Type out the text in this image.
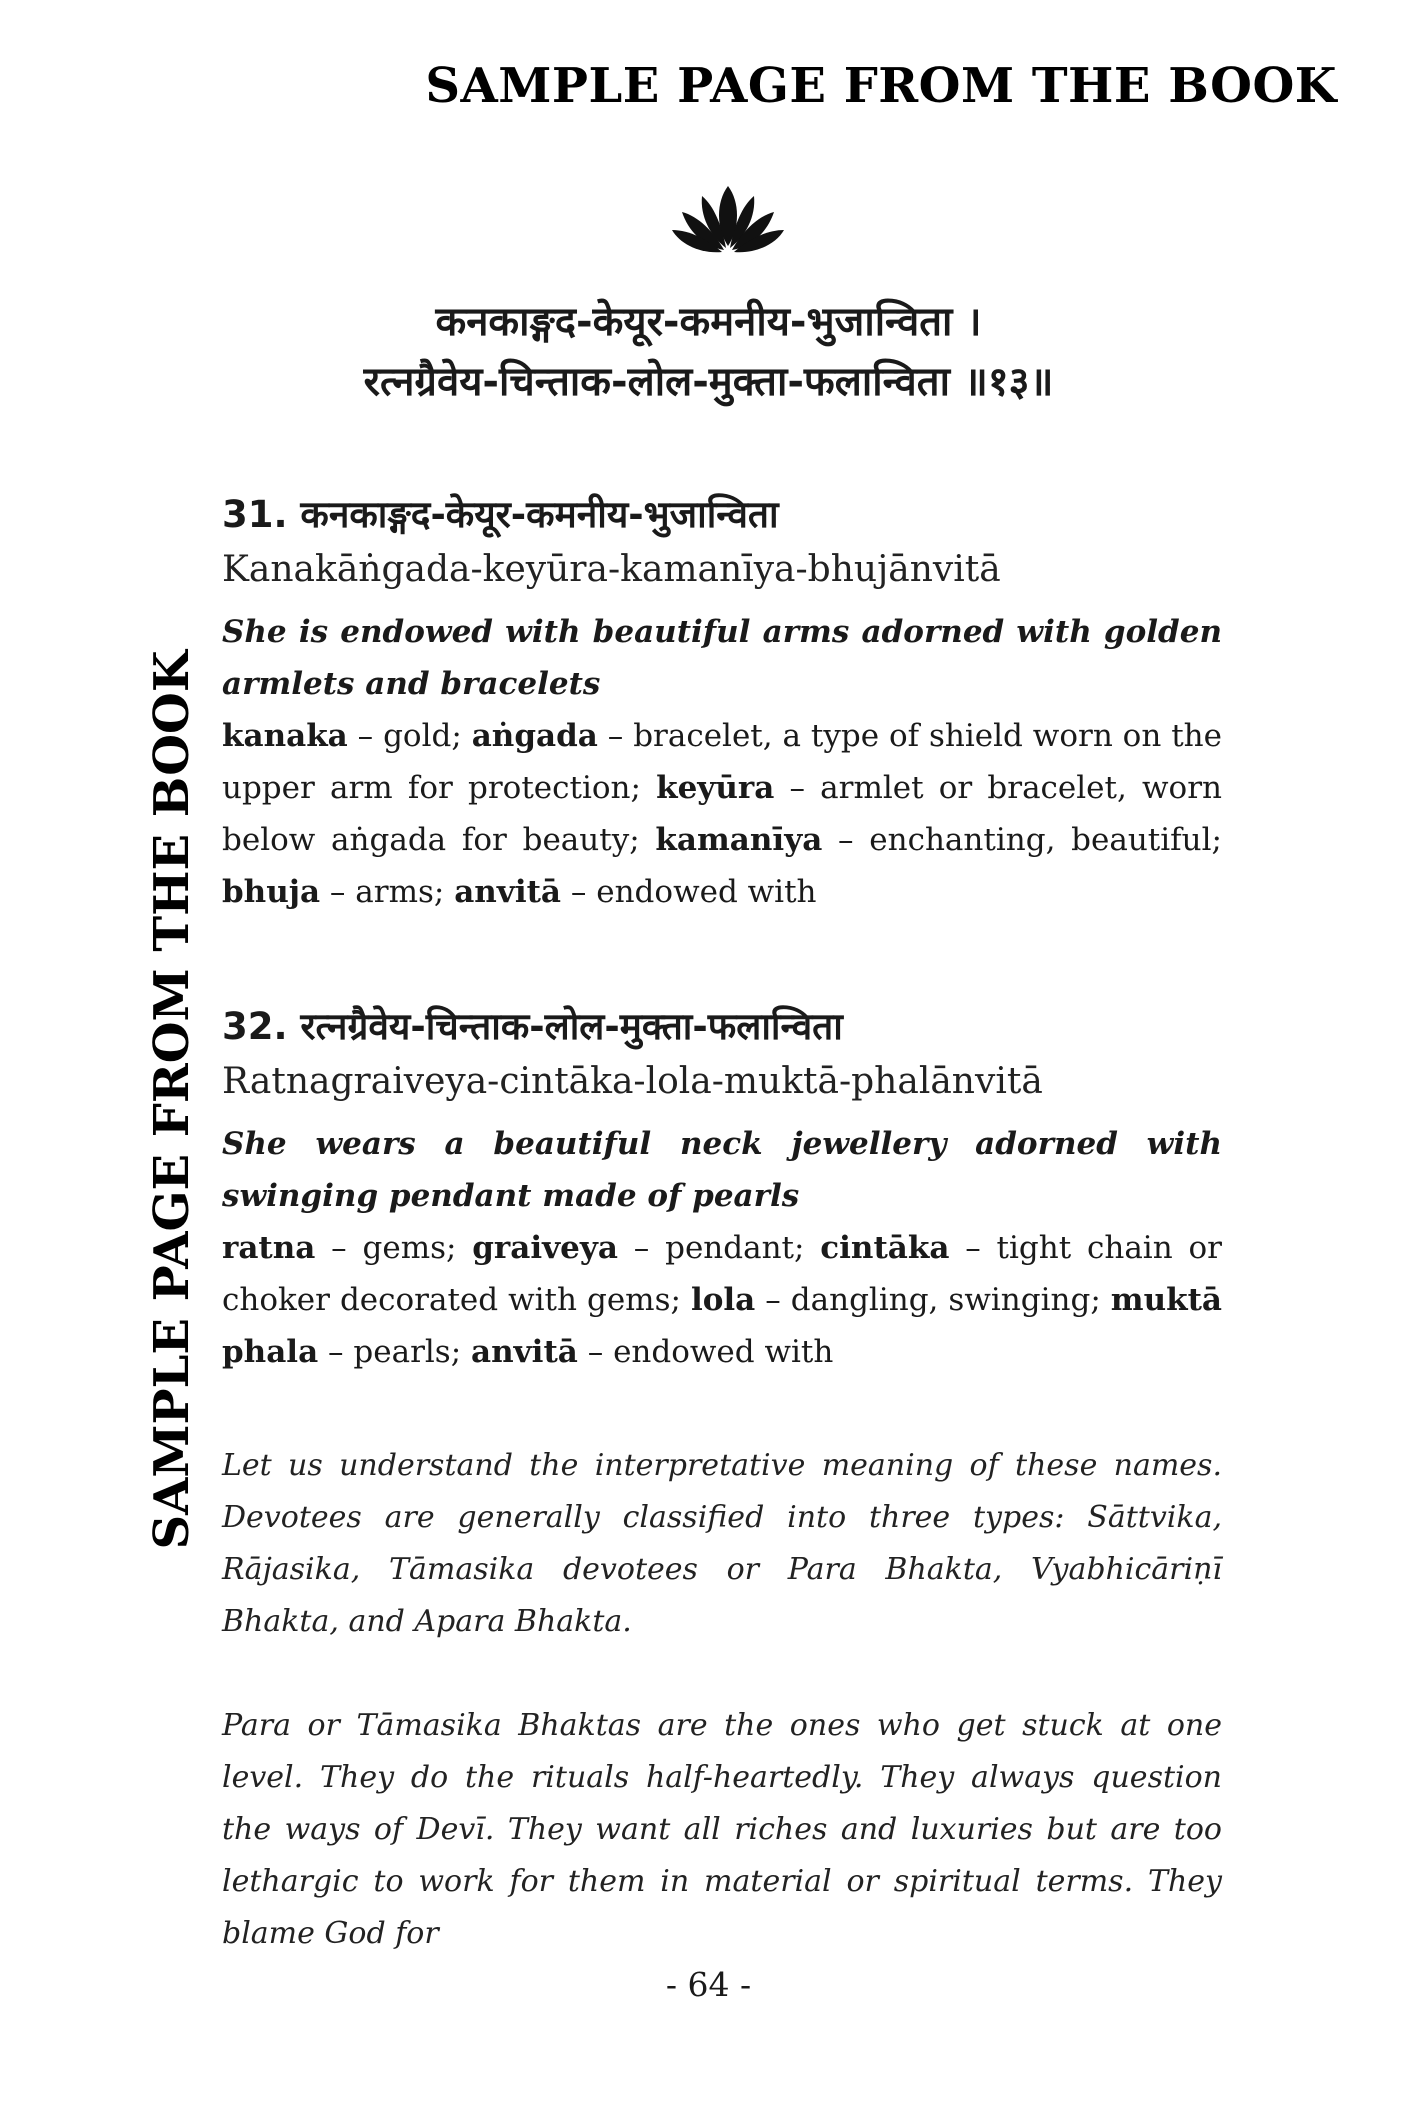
SAMPLE PAGE FROM THE BOOK
SAMPLE PAGE FROM THE BOOK
कनकाङ्गद-केयूर-कमनीय-भुजान्विता ।
रत्नग्रैवेय-चिन्ताक-लोल-मुक्ता-फलान्विता ॥१३॥

31. कनकाङ्गद-केयूर-कमनीय-भुजान्विता

Kanakāṅgada-keyūra-kamanīya-bhujānvitā

She is endowed with beautiful arms adorned with golden armlets and bracelets

kanaka – gold; aṅgada – bracelet, a type of shield worn on the upper arm for protection; keyūra – armlet or bracelet, worn below aṅgada for beauty; kamanīya – enchanting, beautiful; bhuja – arms; anvitā – endowed with

32. रत्नग्रैवेय-चिन्ताक-लोल-मुक्ता-फलान्विता

Ratnagraiveya-cintāka-lola-muktā-phalānvitā

She wears a beautiful neck jewellery adorned with swinging pendant made of pearls

ratna – gems; graiveya – pendant; cintāka – tight chain or choker decorated with gems; lola – dangling, swinging; muktā phala – pearls; anvitā – endowed with

Let us understand the interpretative meaning of these names. Devotees are generally classified into three types: Sāttvika, Rājasika, Tāmasika devotees or Para Bhakta, Vyabhicāriṇī Bhakta, and Apara Bhakta.

Para or Tāmasika Bhaktas are the ones who get stuck at one level. They do the rituals half-heartedly. They always question the ways of Devī. They want all riches and luxuries but are too lethargic to work for them in material or spiritual terms. They blame God for

- 64 -
